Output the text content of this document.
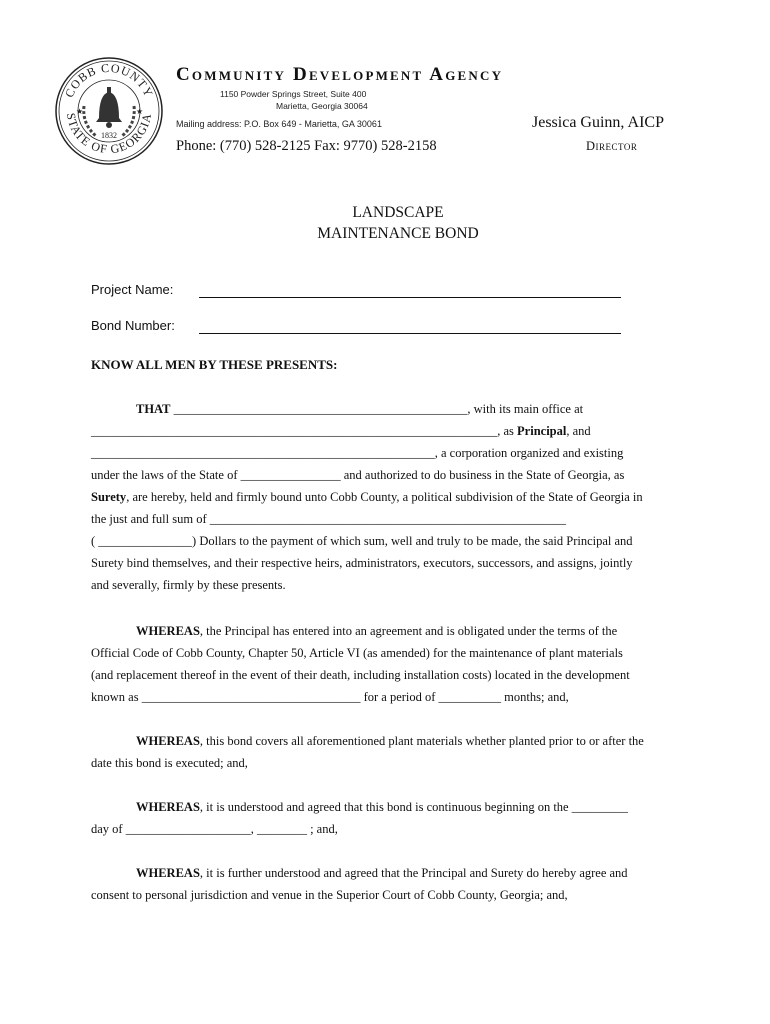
COBB COUNTY
STATE OF GEORGIA
1832
★	★
Community Development Agency
1150 Powder Springs Street, Suite 400
Marietta, Georgia 30064
Mailing address: P.O. Box 649 - Marietta, GA 30061
Phone: (770) 528-2125 Fax: 9770) 528-2158
Jessica Guinn, AICP
Director
LANDSCAPE
MAINTENANCE BOND
Project Name:
Bond Number:
KNOW ALL MEN BY THESE PRESENTS:

THAT _______________________________________________, with its main office at

_________________________________________________________________, as Principal, and

_______________________________________________________, a corporation organized and existing

under the laws of the State of ________________ and authorized to do business in the State of Georgia, as

Surety, are hereby, held and firmly bound unto Cobb County, a political subdivision of the State of Georgia in

the just and full sum of _________________________________________________________

( _______________) Dollars to the payment of which sum, well and truly to be made, the said Principal and

Surety bind themselves, and their respective heirs, administrators, executors, successors, and assigns, jointly

and severally, firmly by these presents.

WHEREAS, the Principal has entered into an agreement and is obligated under the terms of the

Official Code of Cobb County, Chapter 50, Article VI (as amended) for the maintenance of plant materials

(and replacement thereof in the event of their death, including installation costs) located in the development

known as ___________________________________ for a period of __________ months; and,

WHEREAS, this bond covers all aforementioned plant materials whether planted prior to or after the

date this bond is executed; and,

WHEREAS, it is understood and agreed that this bond is continuous beginning on the _________

day of ____________________, ________ ; and,

WHEREAS, it is further understood and agreed that the Principal and Surety do hereby agree and

consent to personal jurisdiction and venue in the Superior Court of Cobb County, Georgia; and,
